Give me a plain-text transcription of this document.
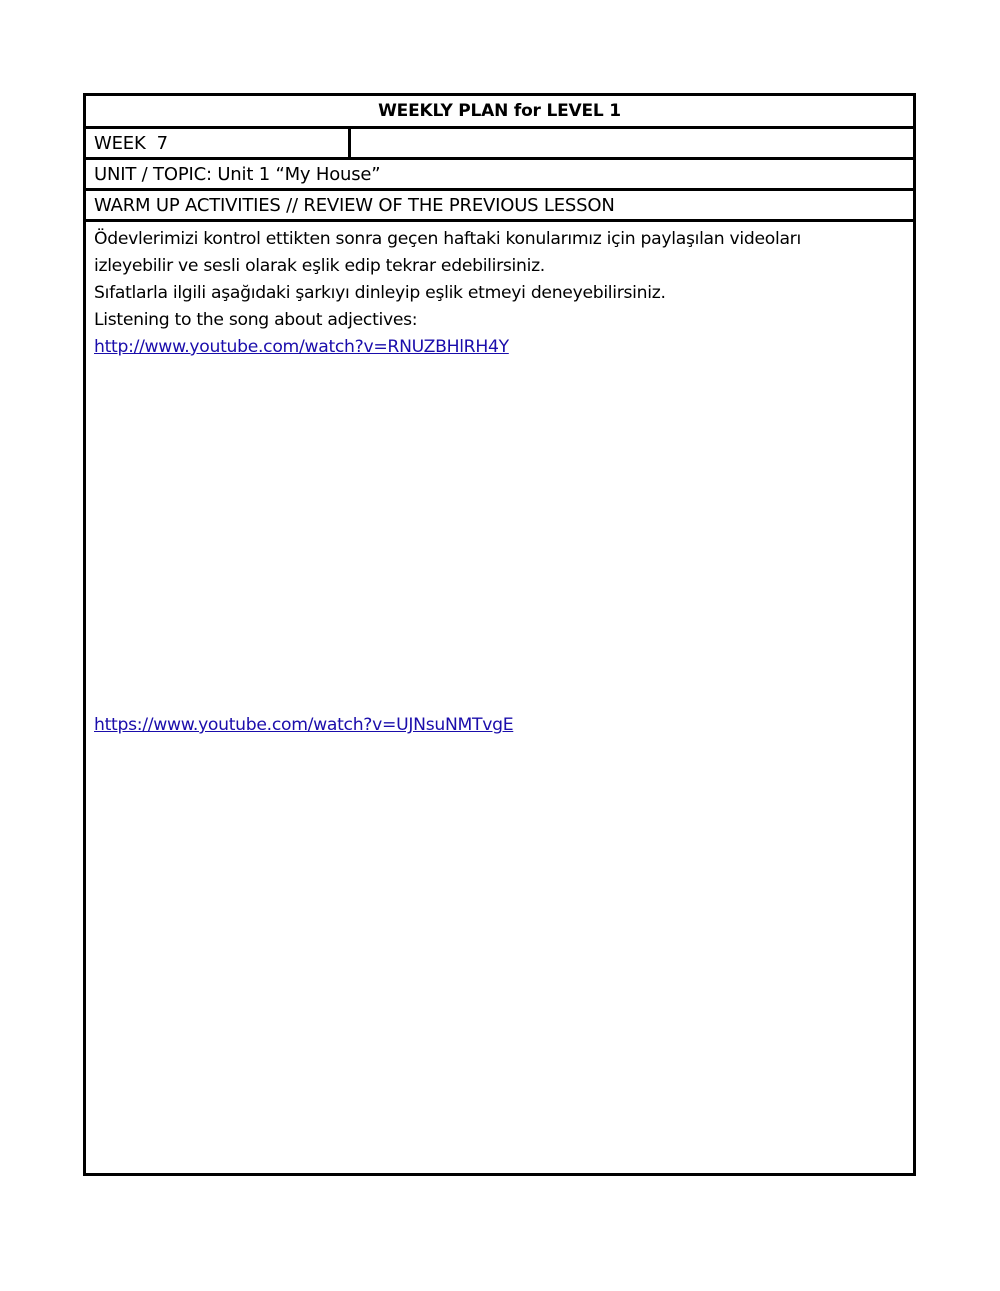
WEEKLY PLAN for LEVEL 1
WEEK  7
UNIT / TOPIC: Unit 1 “My House”
WARM UP ACTIVITIES // REVIEW OF THE PREVIOUS LESSON

Ödevlerimizi kontrol ettikten sonra geçen haftaki konularımız için paylaşılan videoları

izleyebilir ve sesli olarak eşlik edip tekrar edebilirsiniz.

Sıfatlarla ilgili aşağıdaki şarkıyı dinleyip eşlik etmeyi deneyebilirsiniz.

Listening to the song about adjectives:

http://www.youtube.com/watch?v=RNUZBHlRH4Y

https://www.youtube.com/watch?v=UJNsuNMTvgE
